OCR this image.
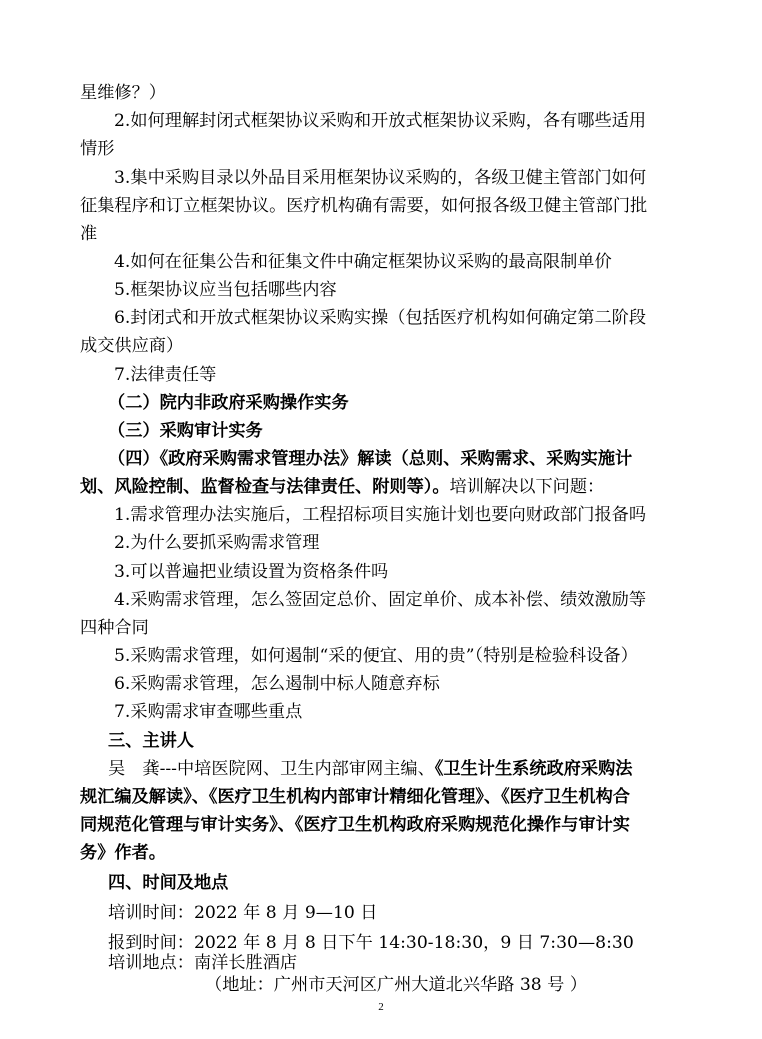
星维修？）
2.如何理解封闭式框架协议采购和开放式框架协议采购，各有哪些适用
情形
3.集中采购目录以外品目采用框架协议采购的，各级卫健主管部门如何
征集程序和订立框架协议。医疗机构确有需要，如何报各级卫健主管部门批
准
4.如何在征集公告和征集文件中确定框架协议采购的最高限制单价
5.框架协议应当包括哪些内容
6.封闭式和开放式框架协议采购实操（包括医疗机构如何确定第二阶段
成交供应商）
7.法律责任等
（二）院内非政府采购操作实务
（三）采购审计实务
（四）《政府采购需求管理办法》解读（总则、采购需求、采购实施计
划、风险控制、监督检查与法律责任、附则等）。培训解决以下问题：
1.需求管理办法实施后，工程招标项目实施计划也要向财政部门报备吗
2.为什么要抓采购需求管理
3.可以普遍把业绩设置为资格条件吗
4.采购需求管理，怎么签固定总价、固定单价、成本补偿、绩效激励等
四种合同
5.采购需求管理，如何遏制“采的便宜、用的贵”（特别是检验科设备）
6.采购需求管理，怎么遏制中标人随意弃标
7.采购需求审查哪些重点
三、主讲人
吴　龚---中培医院网、卫生内部审网主编、《卫生计生系统政府采购法
规汇编及解读》、《医疗卫生机构内部审计精细化管理》、《医疗卫生机构合
同规范化管理与审计实务》、《医疗卫生机构政府采购规范化操作与审计实
务》作者。
四、时间及地点
培训时间：2022 年 8 月 9—10 日
报到时间：2022 年 8 月 8 日下午 14:30-18:30，9 日 7:30—8:30
培训地点：南洋长胜酒店
（地址：广州市天河区广州大道北兴华路 38 号 ）
2
